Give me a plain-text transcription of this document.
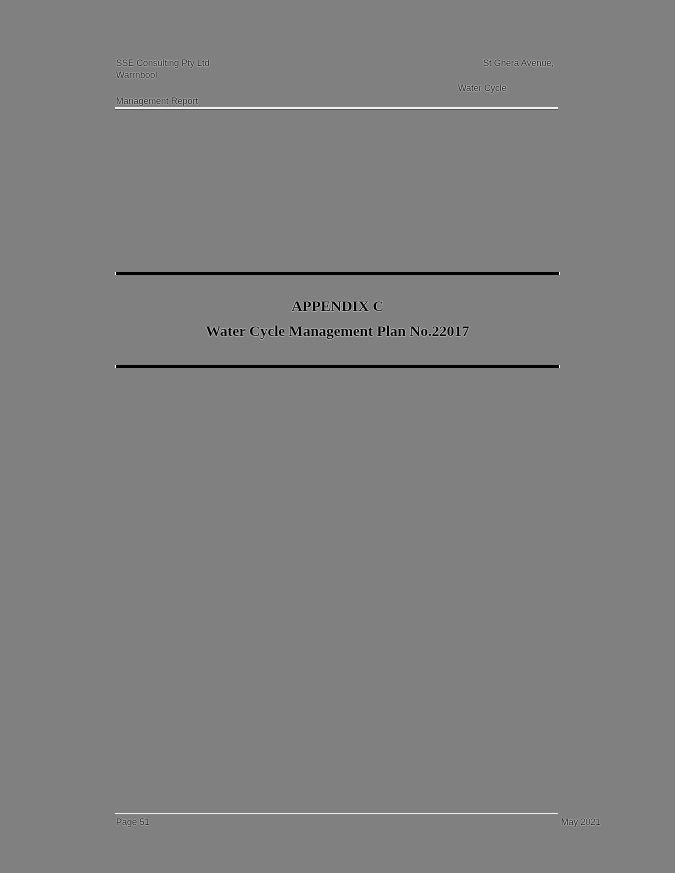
SSE Consulting Pty Ltd
Warrnbool
Management Report
St Ghera Avenue,
Water Cycle
APPENDIX C
Water Cycle Management Plan No.22017
Page 51	May 2021
